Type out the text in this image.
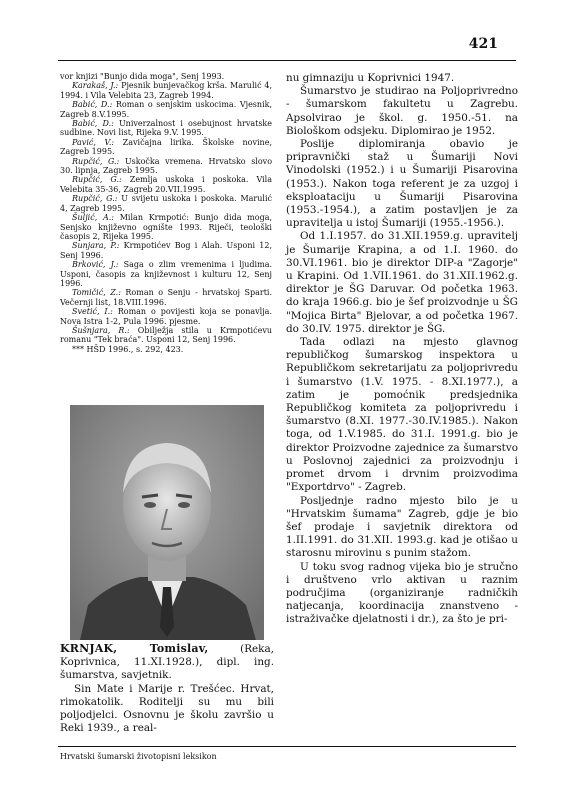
421

vor knjizi "Bunjo dida moga", Senj 1993.

Karakaš, J.: Pjesnik bunjevačkog krša. Marulić 4, 1994. i Vila Velebita 23, Zagreb 1994.

Babić, D.: Roman o senjskim uskocima. Vjesnik, Zagreb 8.V.1995.

Babić, D.: Univerzalnost i osebujnost hrvatske sudbine. Novi list, Rijeka 9.V. 1995.

Pavić, V.: Zavičajna lirika. Školske novine, Zagreb 1995.

Rupčić, G.: Uskočka vremena. Hrvatsko slovo 30. lipnja, Zagreb 1995.

Rupčić, G.: Zemlja uskoka i poskoka. Vila Velebita 35-36, Zagreb 20.VII.1995.

Rupčić, G.: U svijetu uskoka i poskoka. Marulić 4, Zagreb 1995.

Šuljić, A.: Milan Krmpotić: Bunjo dida moga, Senjsko književno ognište 1993. Riječi, teološki časopis 2, Rijeka 1995.

Sunjara, P.: Krmpotićev Bog i Alah. Usponi 12, Senj 1996.

Brković, J.: Saga o zlim vremenima i ljudima. Usponi, časopis za književnost i kulturu 12, Senj 1996.

Tomičić, Z.: Roman o Senju - hrvatskoj Sparti. Večernji list, 18.VIII.1996.

Svetić, I.: Roman o povijesti koja se ponavlja. Nova Istra 1-2, Pula 1996. pjesme.

Šušnjara, R.: Obilježja stila u Krmpotićevu romanu "Tek braća". Usponi 12, Senj 1996.

*** HŠD 1996., s. 292, 423.

KRNJAK, Tomislav,	(Reka, Koprivnica, 11.XI.1928.), dipl. ing. šumarstva, savjetnik.

Sin Mate i Marije r. Trešćec. Hrvat, rimokatolik. Roditelji su mu bili poljodjelci. Osnovnu je školu završio u Reki 1939., a real-

nu gimnaziju u Koprivnici 1947.

Šumarstvo je studirao na Poljoprivredno - šumarskom fakultetu u Zagrebu. Apsolvirao je škol. g. 1950.-51. na Biološkom odsjeku. Diplomirao je 1952.

Poslije diplomiranja obavio je pripravnički staž u Šumariji Novi Vinodolski (1952.) i u Šumariji Pisarovina (1953.). Nakon toga referent je za uzgoj i eksploataciju u Šumariji Pisarovina (1953.-1954.), a zatim postavljen je za upravitelja u istoj Šumariji (1955.-1956.).

Od 1.I.1957. do 31.XII.1959.g. upravitelj je Šumarije Krapina, a od 1.I. 1960. do 30.VI.1961. bio je direktor DIP-a "Zagorje" u Krapini. Od 1.VII.1961. do 31.XII.1962.g. direktor je ŠG Daruvar. Od početka 1963. do kraja 1966.g. bio je šef proizvodnje u ŠG "Mojica Birta" Bjelovar, a od početka 1967. do 30.IV. 1975. direktor je ŠG.

Tada odlazi na mjesto glavnog republičkog šumarskog inspektora u Republičkom sekretarijatu za poljoprivredu i šumarstvo (1.V. 1975. - 8.XI.1977.), a zatim je pomoćnik predsjednika Republičkog komiteta za poljoprivredu i šumarstvo (8.XI. 1977.-30.IV.1985.). Nakon toga, od 1.V.1985. do 31.I. 1991.g. bio je direktor Proizvodne zajednice za šumarstvo u Poslovnoj zajednici za proizvodnju i promet drvom i drvnim proizvodima "Exportdrvo" - Zagreb.

Posljednje radno mjesto bilo je u "Hrvatskim šumama" Zagreb, gdje je bio šef prodaje i savjetnik direktora od 1.II.1991. do 31.XII. 1993.g. kad je otišao u starosnu mirovinu s punim stažom.

U toku svog radnog vijeka bio je stručno i društveno vrlo aktivan u raznim područjima (organiziranje radničkih natjecanja, koordinacija znanstveno - istraživačke djelatnosti i dr.), za što je pri-

Hrvatski šumarski životopisni leksikon
